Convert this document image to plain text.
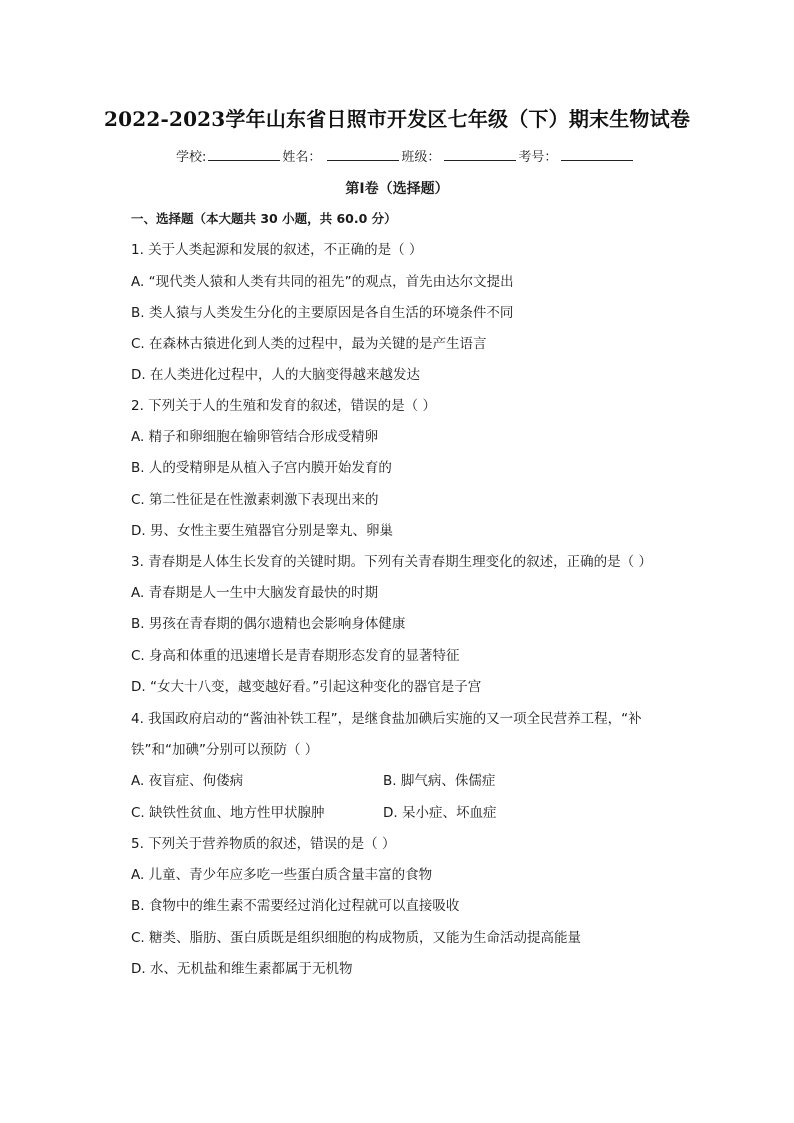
2022-2023学年山东省日照市开发区七年级（下）期末生物试卷
学校:	姓名：	班级：	考号：
第Ⅰ卷（选择题）
一、选择题（本大题共 30 小题，共 60.0 分）
1. 关于人类起源和发展的叙述，不正确的是（ ）
A. “现代类人猿和人类有共同的祖先”的观点，首先由达尔文提出
B. 类人猿与人类发生分化的主要原因是各自生活的环境条件不同
C. 在森林古猿进化到人类的过程中，最为关键的是产生语言
D. 在人类进化过程中，人的大脑变得越来越发达
2. 下列关于人的生殖和发育的叙述，错误的是（ ）
A. 精子和卵细胞在输卵管结合形成受精卵
B. 人的受精卵是从植入子宫内膜开始发育的
C. 第二性征是在性激素刺激下表现出来的
D. 男、女性主要生殖器官分别是睾丸、卵巢
3. 青春期是人体生长发育的关键时期。下列有关青春期生理变化的叙述，正确的是（ ）
A. 青春期是人一生中大脑发育最快的时期
B. 男孩在青春期的偶尔遗精也会影响身体健康
C. 身高和体重的迅速增长是青春期形态发育的显著特征
D. “女大十八变，越变越好看。”引起这种变化的器官是子宫
4. 我国政府启动的“酱油补铁工程”，是继食盐加碘后实施的又一项全民营养工程，“补
铁”和“加碘”分别可以预防（ ）
A. 夜盲症、佝偻病	B. 脚气病、侏儒症
C. 缺铁性贫血、地方性甲状腺肿	D. 呆小症、坏血症
5. 下列关于营养物质的叙述，错误的是（ ）
A. 儿童、青少年应多吃一些蛋白质含量丰富的食物
B. 食物中的维生素不需要经过消化过程就可以直接吸收
C. 糖类、脂肪、蛋白质既是组织细胞的构成物质，又能为生命活动提高能量
D. 水、无机盐和维生素都属于无机物
